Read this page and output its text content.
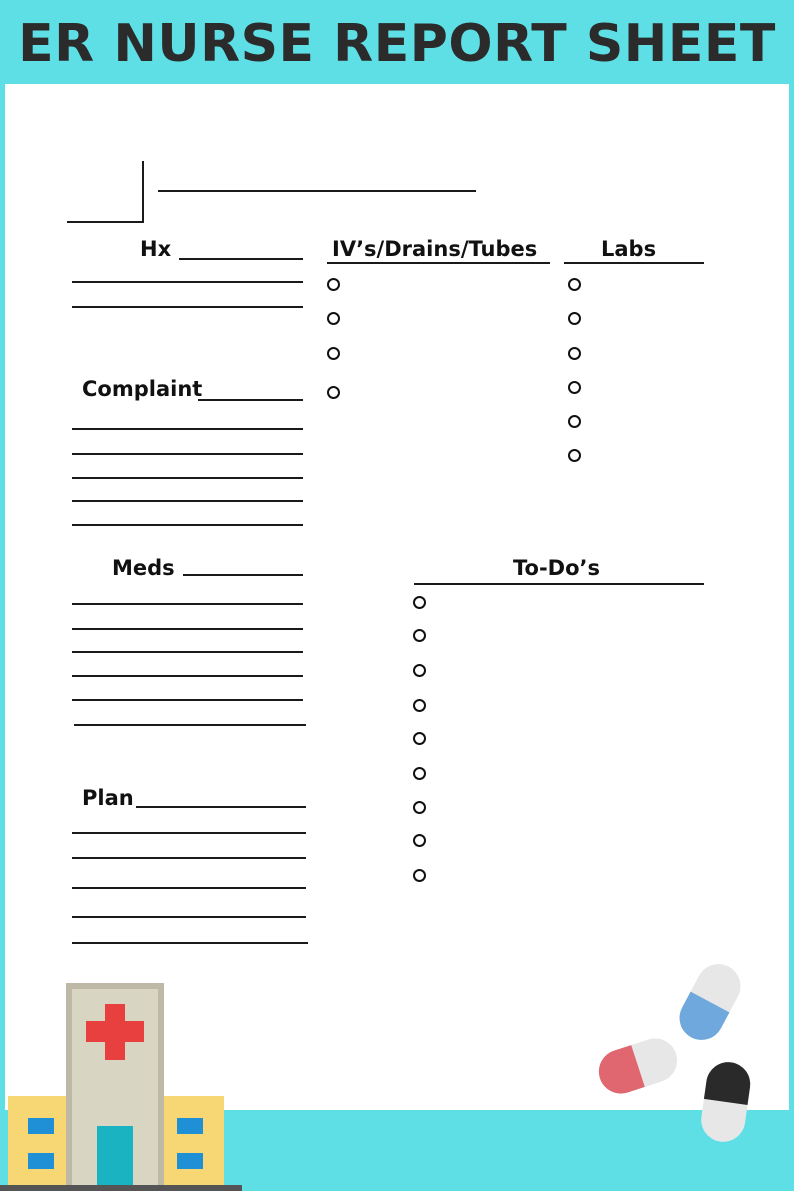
ER NURSE REPORT SHEET
Hx
Complaint
Meds
Plan
IV’s/Drains/Tubes	Labs
To-Do’s
